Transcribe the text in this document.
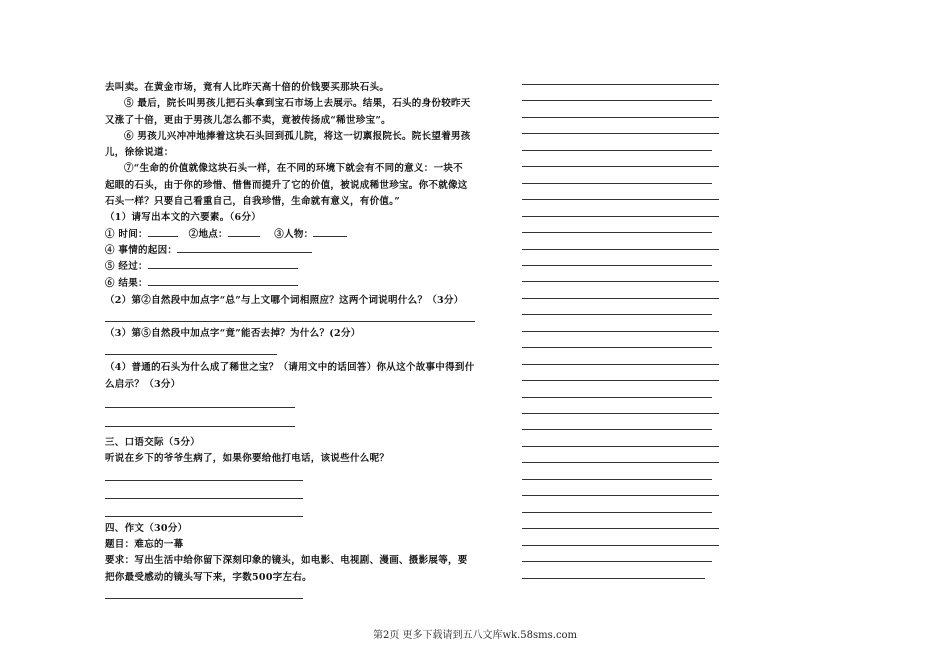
去叫卖。在黄金市场，竟有人比昨天高十倍的价钱要买那块石头。
⑤ 最后，院长叫男孩儿把石头拿到宝石市场上去展示。结果，石头的身份较昨天
又涨了十倍，更由于男孩儿怎么都不卖，竟被传扬成“稀世珍宝”。
⑥ 男孩儿兴冲冲地捧着这块石头回到孤儿院，将这一切禀报院长。院长望着男孩
儿，徐徐说道：
⑦“生命的价值就像这块石头一样，在不同的环境下就会有不同的意义：一块不
起眼的石头，由于你的珍惜、惜售而提升了它的价值，被说成稀世珍宝。你不就像这
石头一样？只要自己看重自己，自我珍惜，生命就有意义，有价值。”
（1）请写出本文的六要素。（6分）
① 时间：	②地点：	③人物：
④ 事情的起因：
⑤ 经过：
⑥ 结果：
（2）第②自然段中加点字“总”与上文哪个词相照应？这两个词说明什么？（3分）
（3）第⑤自然段中加点字“竟”能否去掉？为什么？(2分）
（4）普通的石头为什么成了稀世之宝？（请用文中的话回答）你从这个故事中得到什
么启示？（3分）
三、口语交际（5分）
听说在乡下的爷爷生病了，如果你要给他打电话，该说些什么呢？
四、作文（30分）
题目：难忘的一幕
要求：写出生活中给你留下深刻印象的镜头，如电影、电视剧、漫画、摄影展等，要
把你最受感动的镜头写下来，字数500字左右。
第2页 更多下载请到五八文库wk.58sms.com
